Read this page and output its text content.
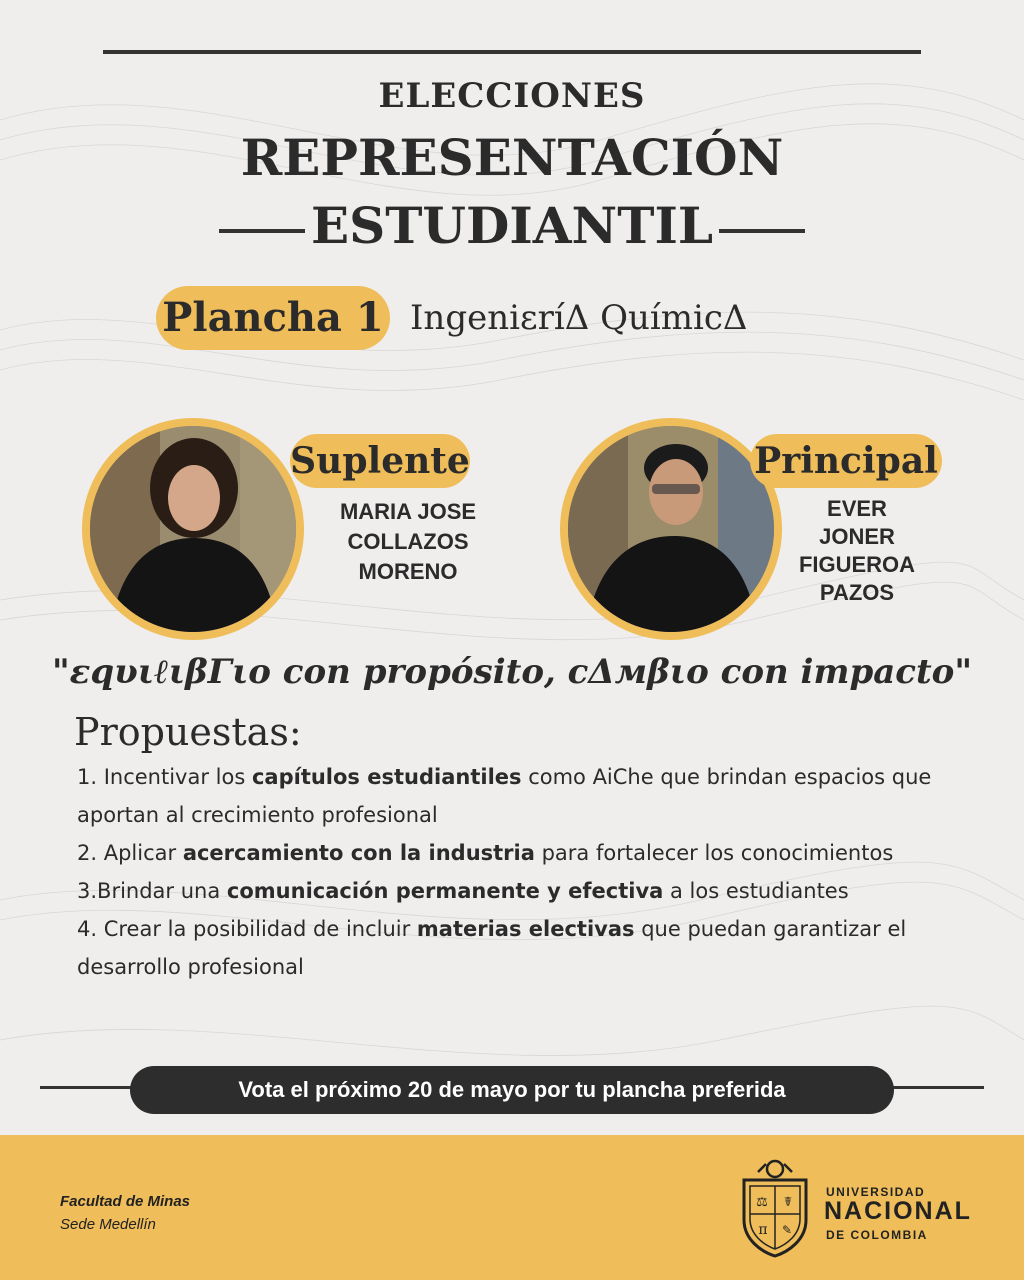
ELECCIONES
REPRESENTACIÓN
ESTUDIANTIL
Plancha 1 IngeniεríΔ QuímicΔ
Suplente
MARIA JOSE
COLLAZOS
MORENO
Principal
EVER
JONER
FIGUEROA
PAZOS
"εqυιℓιβΓιο con propósito, cΔмβιο con impacto"
Propuestas:

1. Incentivar los capítulos estudiantiles como AiChe que brindan espacios que aportan al crecimiento profesional

2. Aplicar acercamiento con la industria para fortalecer los conocimientos

3.Brindar una comunicación permanente y efectiva a los estudiantes

4. Crear la posibilidad de incluir materias electivas que puedan garantizar el desarrollo profesional

Vota el próximo 20 de mayo por tu plancha preferida
Facultad de Minas
Sede Medellín
⚖ ☤
π ✎
UNIVERSIDAD
NACIONAL
DE COLOMBIA
